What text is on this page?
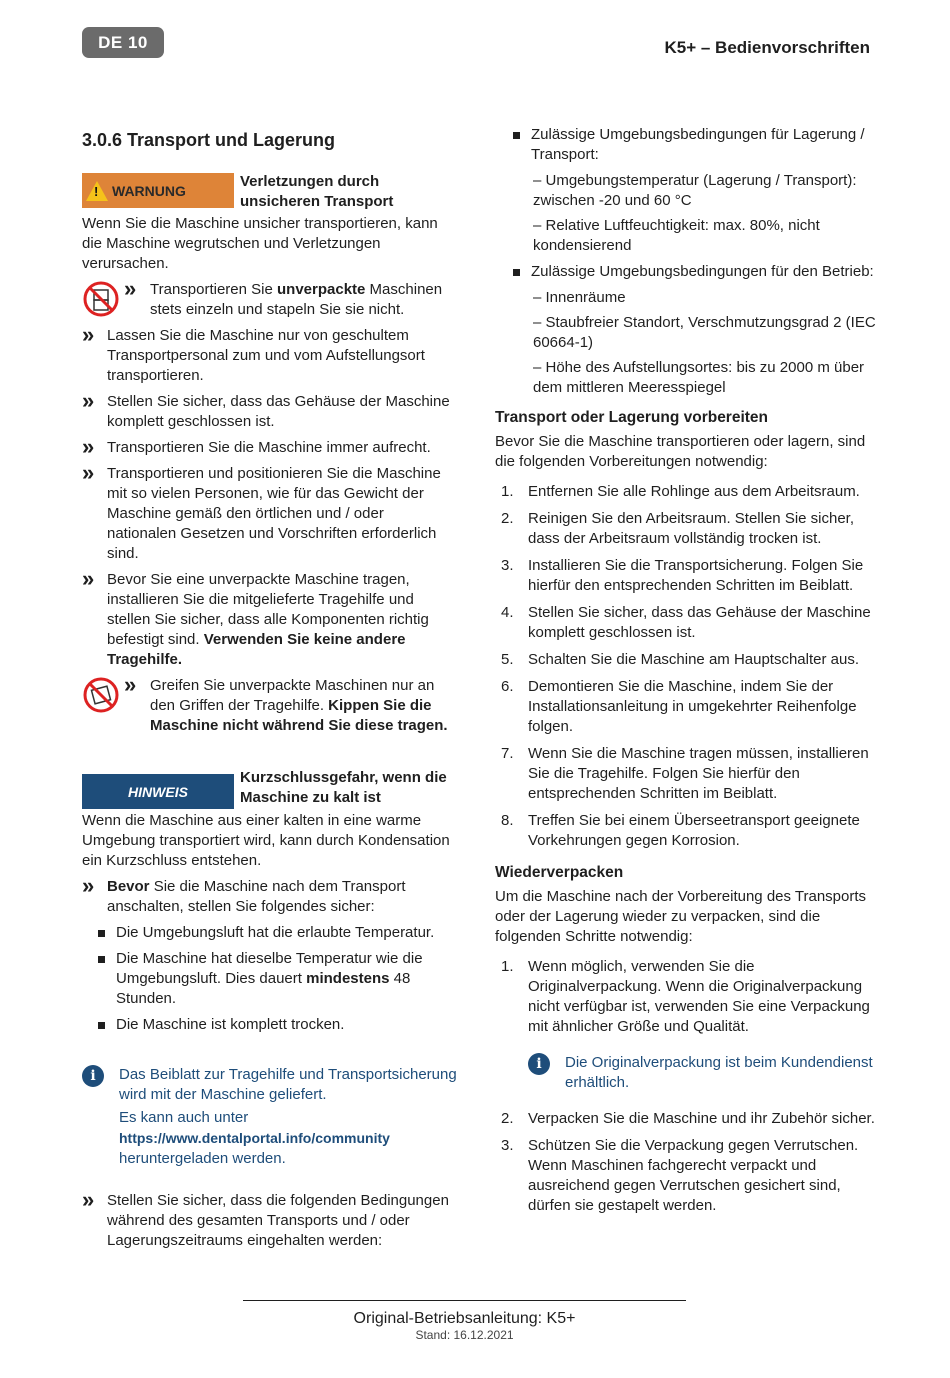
DE 10	K5+ – Bedienvorschriften
3.0.6 Transport und Lagerung
!
WARNUNG
Verletzungen durch unsicheren Transport

Wenn Sie die Maschine unsicher transportieren, kann die Maschine wegrutschen und Verletzungen verursachen.

» Transportieren Sie unverpackte Maschinen stets einzeln und stapeln Sie sie nicht.
» Lassen Sie die Maschine nur von geschultem Transportpersonal zum und vom Aufstellungsort transportieren.
» Stellen Sie sicher, dass das Gehäuse der Maschine komplett geschlossen ist.
» Transportieren Sie die Maschine immer aufrecht.
» Transportieren und positionieren Sie die Maschine mit so vielen Personen, wie für das Gewicht der Maschine gemäß den örtlichen und / oder nationalen Gesetzen und Vorschriften erforderlich sind.
» Bevor Sie eine unverpackte Maschine tragen, installieren Sie die mitgelieferte Tragehilfe und stellen Sie sicher, dass alle Komponenten richtig befestigt sind. Verwenden Sie keine andere Tragehilfe.
» Greifen Sie unverpackte Maschinen nur an den Griffen der Tragehilfe. Kippen Sie die Maschine nicht während Sie diese tragen.
HINWEIS
Kurzschlussgefahr, wenn die Maschine zu kalt ist

Wenn die Maschine aus einer kalten in eine warme Umgebung transportiert wird, kann durch Kondensation ein Kurzschluss entstehen.

» Bevor Sie die Maschine nach dem Transport anschalten, stellen Sie folgendes sicher:
Die Umgebungsluft hat die erlaubte Temperatur.
Die Maschine hat dieselbe Temperatur wie die Umgebungsluft. Dies dauert mindestens 48 Stunden.
Die Maschine ist komplett trocken.
i	Das Beiblatt zur Tragehilfe und Transportsicherung wird mit der Maschine geliefert.
Es kann auch unter
https://www.dentalportal.info/community heruntergeladen werden.
» Stellen Sie sicher, dass die folgenden Bedingungen während des gesamten Transports und / oder Lagerungszeitraums eingehalten werden:
Zulässige Umgebungsbedingungen für Lagerung / Transport:
– Umgebungstemperatur (Lagerung / Transport): zwischen -20 und 60 °C
– Relative Luftfeuchtigkeit: max. 80%, nicht kondensierend
Zulässige Umgebungsbedingungen für den Betrieb:
– Innenräume
– Staubfreier Standort, Verschmutzungsgrad 2 (IEC 60664-1)
– Höhe des Aufstellungsortes: bis zu 2000 m über dem mittleren Meeresspiegel
Transport oder Lagerung vorbereiten

Bevor Sie die Maschine transportieren oder lagern, sind die folgenden Vorbereitungen notwendig:

1. Entfernen Sie alle Rohlinge aus dem Arbeitsraum.
2. Reinigen Sie den Arbeitsraum. Stellen Sie sicher, dass der Arbeitsraum vollständig trocken ist.
3. Installieren Sie die Transportsicherung. Folgen Sie hierfür den entsprechenden Schritten im Beiblatt.
4. Stellen Sie sicher, dass das Gehäuse der Maschine komplett geschlossen ist.
5. Schalten Sie die Maschine am Hauptschalter aus.
6. Demontieren Sie die Maschine, indem Sie der Installationsanleitung in umgekehrter Reihenfolge folgen.
7. Wenn Sie die Maschine tragen müssen, installieren Sie die Tragehilfe. Folgen Sie hierfür den entsprechenden Schritten im Beiblatt.
8. Treffen Sie bei einem Überseetransport geeignete Vorkehrungen gegen Korrosion.
Wiederverpacken

Um die Maschine nach der Vorbereitung des Transports oder der Lagerung wieder zu verpacken, sind die folgenden Schritte notwendig:

1. Wenn möglich, verwenden Sie die Originalverpackung. Wenn die Originalverpackung nicht verfügbar ist, verwenden Sie eine Verpackung mit ähnlicher Größe und Qualität.
i	Die Originalverpackung ist beim Kundendienst erhältlich.
2. Verpacken Sie die Maschine und ihr Zubehör sicher.
3. Schützen Sie die Verpackung gegen Verrutschen. Wenn Maschinen fachgerecht verpackt und ausreichend gegen Verrutschen gesichert sind, dürfen sie gestapelt werden.
Original-Betriebsanleitung: K5+
Stand: 16.12.2021
